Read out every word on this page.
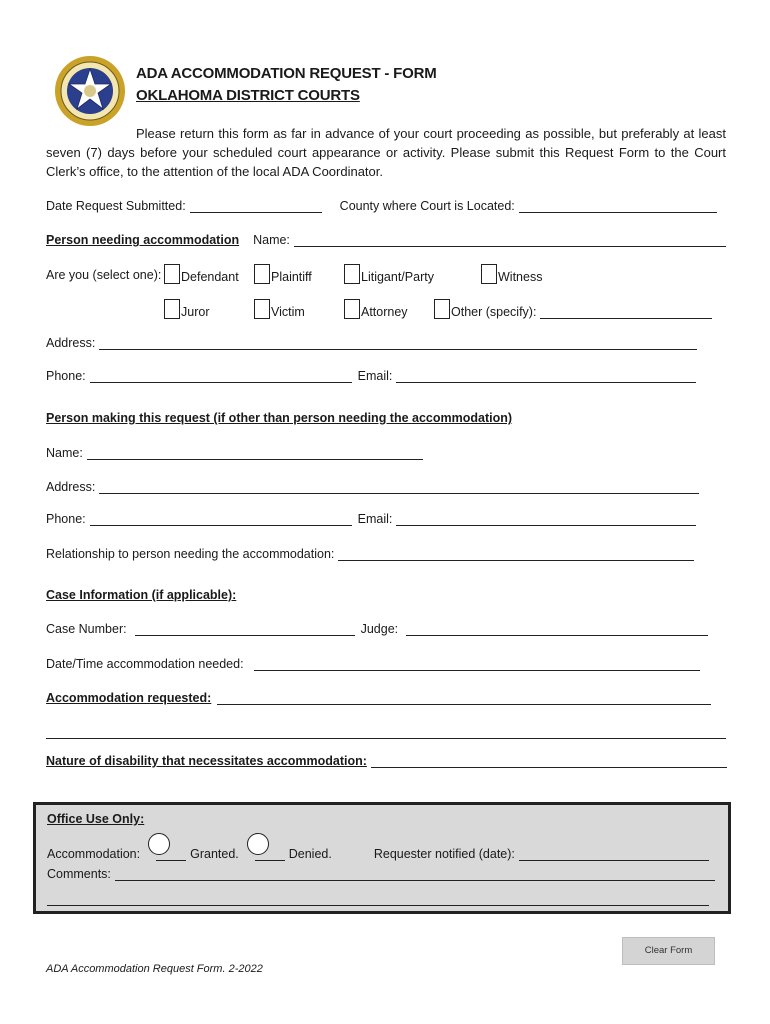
ADA ACCOMMODATION REQUEST - FORM
OKLAHOMA DISTRICT COURTS
Please return this form as far in advance of your court proceeding as possible, but preferably at least seven (7) days before your scheduled court appearance or activity. Please submit this Request Form to the Court Clerk’s office, to the attention of the local ADA Coordinator.
Date Request Submitted:	County where Court is Located:
Person needing accommodation Name:
Are you (select one): Defendant	Plaintiff	Litigant/Party	Witness
Juror	Victim	Attorney	Other (specify):
Address:
Phone:	Email:
Person making this request (if other than person needing the accommodation)
Name:
Address:
Phone:	Email:
Relationship to person needing the accommodation:
Case Information (if applicable):
Case Number:	Judge:
Date/Time accommodation needed:
Accommodation requested:
Nature of disability that necessitates accommodation:
Office Use Only:
Accommodation:	Granted.	Denied.	Requester notified (date):
Comments:
Clear Form
ADA Accommodation Request Form. 2-2022
